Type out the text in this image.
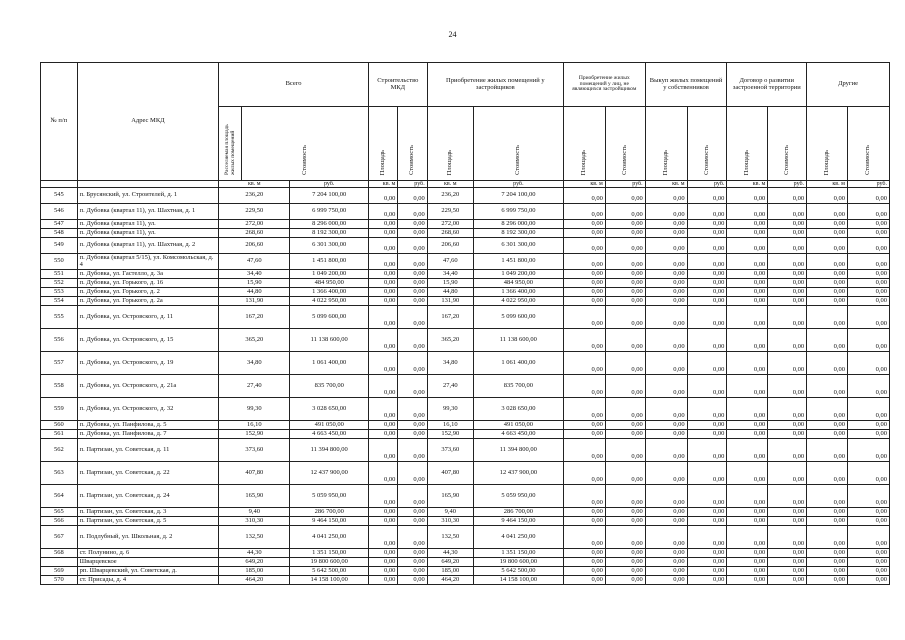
24
№ п/п	Адрес МКД	Всего			Строительство МКД		Приобретение жилых помещений у застройщиков		Приобретение жилых помещений у лиц, не являющихся застройщиком		Выкуп жилых помещений у собственников		Договор о развитии застроенной территории		Другие	
		Расселяемая площадь жилых помещений	Стоимость		Площадь	Стоимость	Площадь	Стоимость	Площадь	Стоимость	Площадь	Стоимость	Площадь	Стоимость	Площадь	Стоимость
		кв. м		руб.	кв. м	руб.	кв. м	руб.	кв. м	руб.	кв. м	руб.	кв. м	руб.	кв. м	руб.
545	п. Брусянский, ул. Строителей, д. 1	236,20		7 204 100,00	0,00	0,00	236,20	7 204 100,00	0,00	0,00	0,00	0,00	0,00	0,00	0,00	0,00
546	п. Дубовка (квартал 11), ул. Шахтная, д. 1	229,50		6 999 750,00	0,00	0,00	229,50	6 999 750,00	0,00	0,00	0,00	0,00	0,00	0,00	0,00	0,00
547	п. Дубовка (квартал 11), ул.	272,00		8 296 000,00	0,00	0,00	272,00	8 296 000,00	0,00	0,00	0,00	0,00	0,00	0,00	0,00	0,00
548	п. Дубовка (квартал 11), ул.	268,60		8 192 300,00	0,00	0,00	268,60	8 192 300,00	0,00	0,00	0,00	0,00	0,00	0,00	0,00	0,00
549	п. Дубовка (квартал 11), ул. Шахтная, д. 2	206,60		6 301 300,00	0,00	0,00	206,60	6 301 300,00	0,00	0,00	0,00	0,00	0,00	0,00	0,00	0,00
550	п. Дубовка (квартал 5/15), ул. Комсомольская, д. 4	47,60		1 451 800,00	0,00	0,00	47,60	1 451 800,00	0,00	0,00	0,00	0,00	0,00	0,00	0,00	0,00
551	п. Дубовка, ул. Гастелло, д. 3а	34,40		1 049 200,00	0,00	0,00	34,40	1 049 200,00	0,00	0,00	0,00	0,00	0,00	0,00	0,00	0,00
552	п. Дубовка, ул. Горького, д. 16	15,90		484 950,00	0,00	0,00	15,90	484 950,00	0,00	0,00	0,00	0,00	0,00	0,00	0,00	0,00
553	п. Дубовка, ул. Горького, д. 2	44,80		1 366 400,00	0,00	0,00	44,80	1 366 400,00	0,00	0,00	0,00	0,00	0,00	0,00	0,00	0,00
554	п. Дубовка, ул. Горького, д. 2а	131,90		4 022 950,00	0,00	0,00	131,90	4 022 950,00	0,00	0,00	0,00	0,00	0,00	0,00	0,00	0,00
555	п. Дубовка, ул. Островского, д. 11	167,20		5 099 600,00	0,00	0,00	167,20	5 099 600,00	0,00	0,00	0,00	0,00	0,00	0,00	0,00	0,00
556	п. Дубовка, ул. Островского, д. 15	365,20		11 138 600,00	0,00	0,00	365,20	11 138 600,00	0,00	0,00	0,00	0,00	0,00	0,00	0,00	0,00
557	п. Дубовка, ул. Островского, д. 19	34,80		1 061 400,00	0,00	0,00	34,80	1 061 400,00	0,00	0,00	0,00	0,00	0,00	0,00	0,00	0,00
558	п. Дубовка, ул. Островского, д. 21а	27,40		835 700,00	0,00	0,00	27,40	835 700,00	0,00	0,00	0,00	0,00	0,00	0,00	0,00	0,00
559	п. Дубовка, ул. Островского, д. 32	99,30		3 028 650,00	0,00	0,00	99,30	3 028 650,00	0,00	0,00	0,00	0,00	0,00	0,00	0,00	0,00
560	п. Дубовка, ул. Панфилова, д. 5	16,10		491 050,00	0,00	0,00	16,10	491 050,00	0,00	0,00	0,00	0,00	0,00	0,00	0,00	0,00
561	п. Дубовка, ул. Панфилова, д. 7	152,90		4 663 450,00	0,00	0,00	152,90	4 663 450,00	0,00	0,00	0,00	0,00	0,00	0,00	0,00	0,00
562	п. Партизан, ул. Советская, д. 11	373,60		11 394 800,00	0,00	0,00	373,60	11 394 800,00	0,00	0,00	0,00	0,00	0,00	0,00	0,00	0,00
563	п. Партизан, ул. Советская, д. 22	407,80		12 437 900,00	0,00	0,00	407,80	12 437 900,00	0,00	0,00	0,00	0,00	0,00	0,00	0,00	0,00
564	п. Партизан, ул. Советская, д. 24	165,90		5 059 950,00	0,00	0,00	165,90	5 059 950,00	0,00	0,00	0,00	0,00	0,00	0,00	0,00	0,00
565	п. Партизан, ул. Советская, д. 3	9,40		286 700,00	0,00	0,00	9,40	286 700,00	0,00	0,00	0,00	0,00	0,00	0,00	0,00	0,00
566	п. Партизан, ул. Советская, д. 5	310,30		9 464 150,00	0,00	0,00	310,30	9 464 150,00	0,00	0,00	0,00	0,00	0,00	0,00	0,00	0,00
567	п. Подлубный, ул. Школьная, д. 2	132,50		4 041 250,00	0,00	0,00	132,50	4 041 250,00	0,00	0,00	0,00	0,00	0,00	0,00	0,00	0,00
568	ст. Полунино, д. 6	44,30		1 351 150,00	0,00	0,00	44,30	1 351 150,00	0,00	0,00	0,00	0,00	0,00	0,00	0,00	0,00
	Шварцевское	649,20		19 800 600,00	0,00	0,00	649,20	19 800 600,00	0,00	0,00	0,00	0,00	0,00	0,00	0,00	0,00
569	рп. Шварцевский, ул. Советская, д.	185,00		5 642 500,00	0,00	0,00	185,00	5 642 500,00	0,00	0,00	0,00	0,00	0,00	0,00	0,00	0,00
570	ст. Присады, д. 4	464,20		14 158 100,00	0,00	0,00	464,20	14 158 100,00	0,00	0,00	0,00	0,00	0,00	0,00	0,00	0,00
